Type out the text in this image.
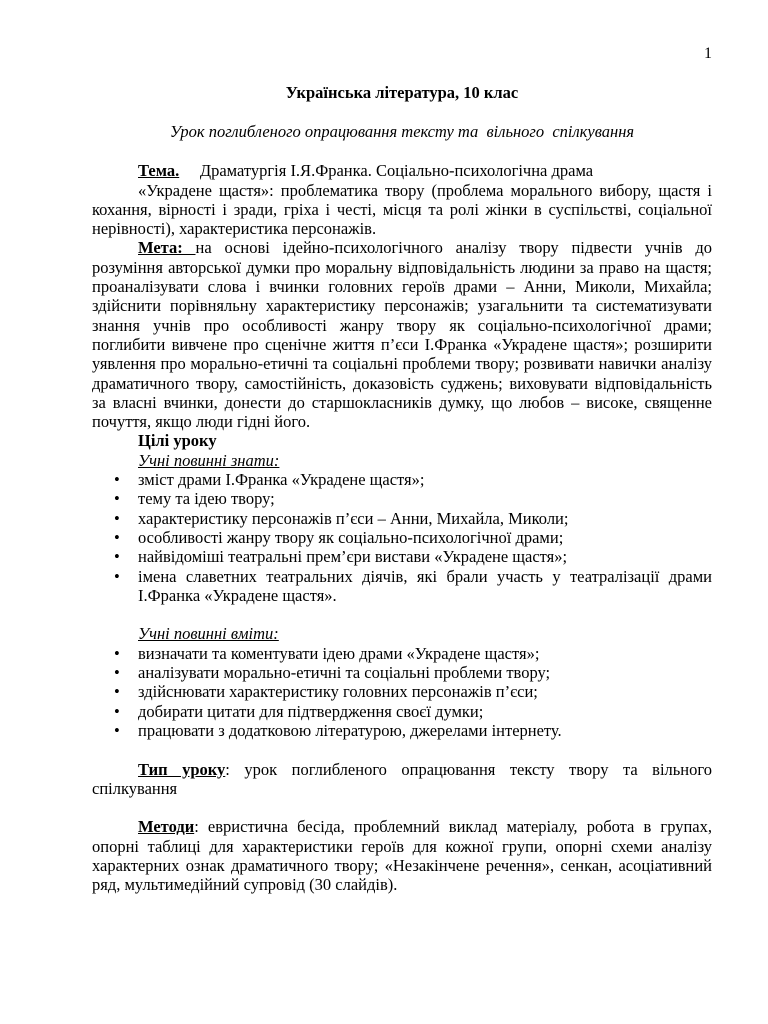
1

Українська література, 10 клас

Урок поглибленого опрацювання тексту та  вільного  спілкування

Тема. Драматургія І.Я.Франка. Соціально-психологічна драма

«Украдене щастя»: проблематика твору (проблема морального вибору, щастя і кохання, вірності і зради, гріха і честі, місця та ролі жінки в суспільстві, соціальної нерівності), характеристика персонажів.

Мета: на основі ідейно-психологічного аналізу твору підвести учнів до розуміння авторської думки про моральну відповідальність людини за право на щастя; проаналізувати слова і вчинки головних героїв драми – Анни, Миколи, Михайла; здійснити порівняльну характеристику персонажів; узагальнити та систематизувати знання учнів про особливості жанру твору як соціально-психологічної драми; поглибити вивчене про сценічне життя п’єси І.Франка «Украдене щастя»; розширити уявлення про морально-етичні та соціальні проблеми твору; розвивати навички аналізу драматичного твору, самостійність, доказовість суджень; виховувати відповідальність за власні вчинки, донести до старшокласників думку, що любов – високе, священне почуття, якщо люди гідні його.

Цілі уроку

Учні повинні знати:

• зміст драми І.Франка «Украдене щастя»;
• тему та ідею твору;
• характеристику персонажів п’єси – Анни, Михайла, Миколи;
• особливості жанру твору як соціально-психологічної драми;
• найвідоміші театральні прем’єри вистави «Украдене щастя»;
• імена славетних театральних діячів, які брали участь у театралізації драми І.Франка «Украдене щастя».

Учні повинні вміти:

• визначати та коментувати ідею драми «Украдене щастя»;
• аналізувати морально-етичні та соціальні проблеми твору;
• здійснювати характеристику головних персонажів п’єси;
• добирати цитати для підтвердження своєї думки;
• працювати з додатковою літературою, джерелами інтернету.

Тип уроку: урок поглибленого опрацювання тексту твору та вільного спілкування

Методи: евристична бесіда, проблемний виклад матеріалу, робота в групах, опорні таблиці для характеристики героїв для кожної групи, опорні схеми аналізу характерних ознак драматичного твору; «Незакінчене речення», сенкан, асоціативний ряд, мультимедійний супровід (30 слайдів).
